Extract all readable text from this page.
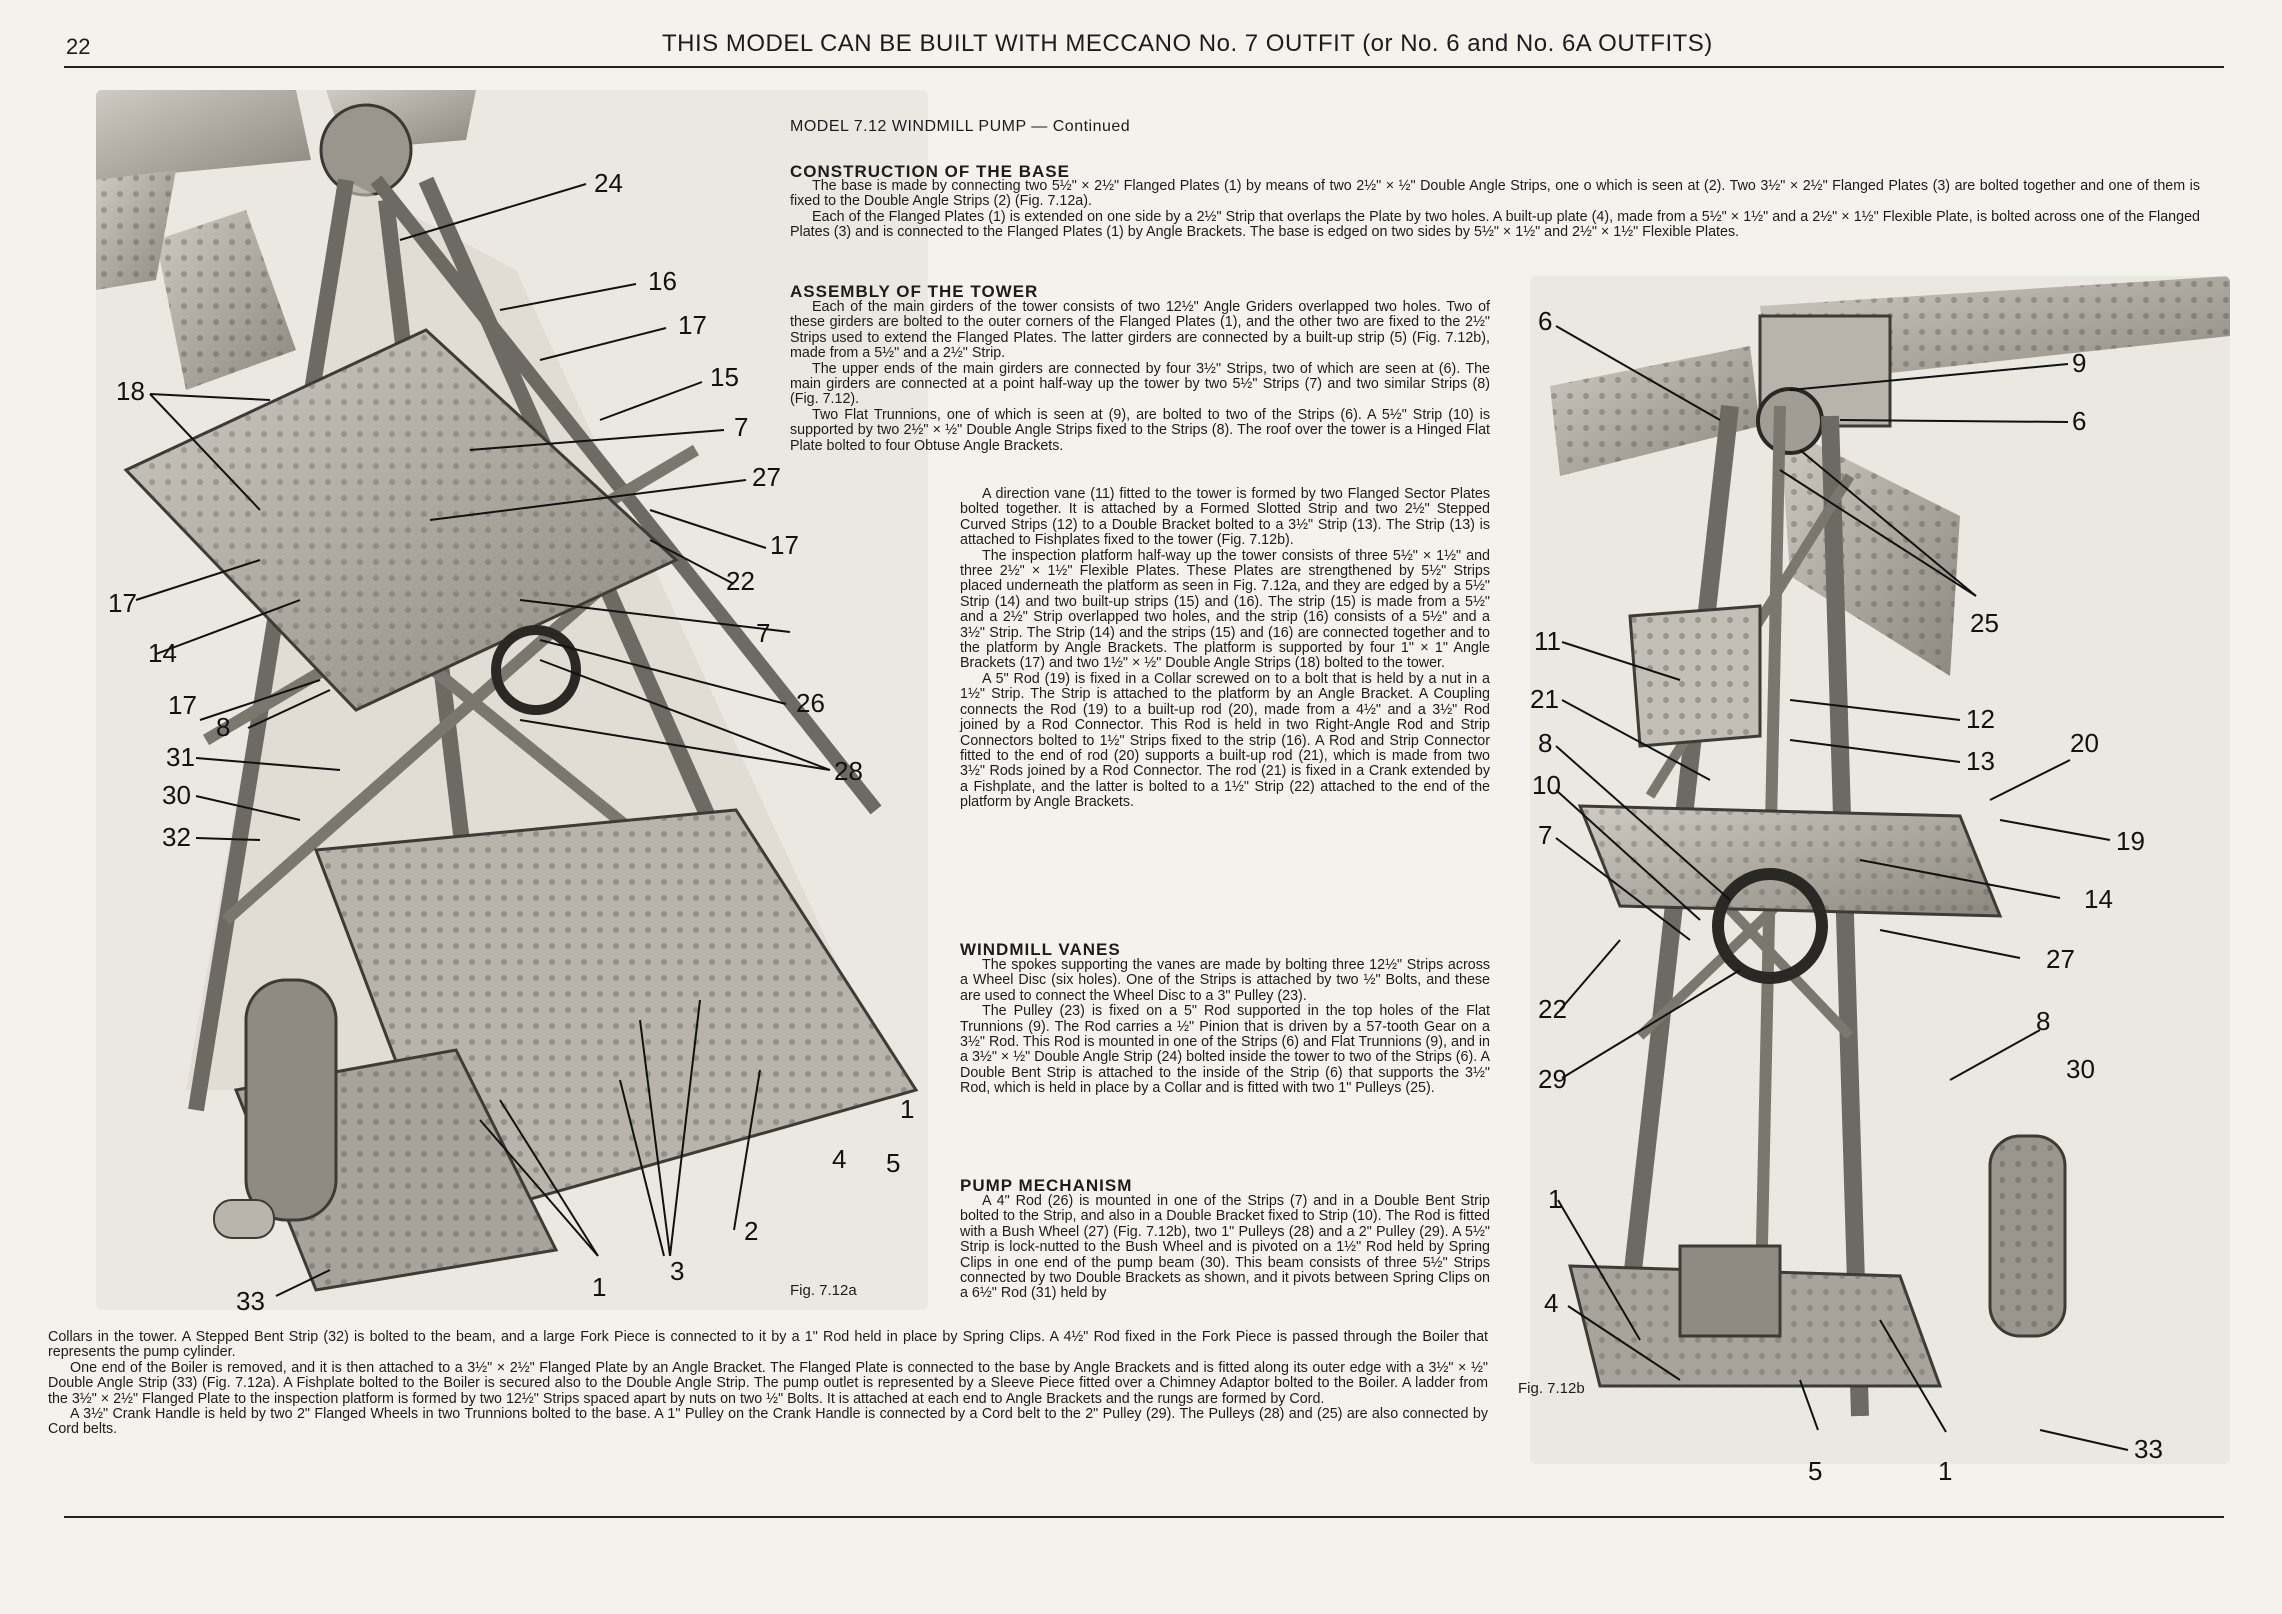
22	THIS MODEL CAN BE BUILT WITH MECCANO No. 7 OUTFIT (or No. 6 and No. 6A OUTFITS)
MODEL 7.12 WINDMILL PUMP — Continued
CONSTRUCTION OF THE BASE

The base is made by connecting two 5½" × 2½" Flanged Plates (1) by means of two 2½" × ½" Double Angle Strips, one o which is seen at (2). Two 3½" × 2½" Flanged Plates (3) are bolted together and one of them is fixed to the Double Angle Strips (2) (Fig. 7.12a).

Each of the Flanged Plates (1) is extended on one side by a 2½" Strip that overlaps the Plate by two holes. A built-up plate (4), made from a 5½" × 1½" and a 2½" × 1½" Flexible Plate, is bolted across one of the Flanged Plates (3) and is connected to the Flanged Plates (1) by Angle Brackets. The base is edged on two sides by 5½" × 1½" and 2½" × 1½" Flexible Plates.

ASSEMBLY OF THE TOWER

Each of the main girders of the tower consists of two 12½" Angle Griders overlapped two holes. Two of these girders are bolted to the outer corners of the Flanged Plates (1), and the other two are fixed to the 2½" Strips used to extend the Flanged Plates. The latter girders are connected by a built-up strip (5) (Fig. 7.12b), made from a 5½" and a 2½" Strip.

The upper ends of the main girders are connected by four 3½" Strips, two of which are seen at (6). The main girders are connected at a point half-way up the tower by two 5½" Strips (7) and two similar Strips (8) (Fig. 7.12).

Two Flat Trunnions, one of which is seen at (9), are bolted to two of the Strips (6). A 5½" Strip (10) is supported by two 2½" × ½" Double Angle Strips fixed to the Strips (8). The roof over the tower is a Hinged Flat Plate bolted to four Obtuse Angle Brackets.

A direction vane (11) fitted to the tower is formed by two Flanged Sector Plates bolted together. It is attached by a Formed Slotted Strip and two 2½" Stepped Curved Strips (12) to a Double Bracket bolted to a 3½" Strip (13). The Strip (13) is attached to Fishplates fixed to the tower (Fig. 7.12b).

The inspection platform half-way up the tower consists of three 5½" × 1½" and three 2½" × 1½" Flexible Plates. These Plates are strengthened by 5½" Strips placed underneath the platform as seen in Fig. 7.12a, and they are edged by a 5½" Strip (14) and two built-up strips (15) and (16). The strip (15) is made from a 5½" and a 2½" Strip overlapped two holes, and the strip (16) consists of a 5½" and a 3½" Strip. The Strip (14) and the strips (15) and (16) are connected together and to the platform by Angle Brackets. The platform is supported by four 1" × 1" Angle Brackets (17) and two 1½" × ½" Double Angle Strips (18) bolted to the tower.

A 5" Rod (19) is fixed in a Collar screwed on to a bolt that is held by a nut in a 1½" Strip. The Strip is attached to the platform by an Angle Bracket. A Coupling connects the Rod (19) to a built-up rod (20), made from a 4½" and a 3½" Rod joined by a Rod Connector. This Rod is held in two Right-Angle Rod and Strip Connectors bolted to 1½" Strips fixed to the strip (16). A Rod and Strip Connector fitted to the end of rod (20) supports a built-up rod (21), which is made from two 3½" Rods joined by a Rod Connector. The rod (21) is fixed in a Crank extended by a Fishplate, and the latter is bolted to a 1½" Strip (22) attached to the end of the platform by Angle Brackets.

WINDMILL VANES

The spokes supporting the vanes are made by bolting three 12½" Strips across a Wheel Disc (six holes). One of the Strips is attached by two ½" Bolts, and these are used to connect the Wheel Disc to a 3" Pulley (23).

The Pulley (23) is fixed on a 5" Rod supported in the top holes of the Flat Trunnions (9). The Rod carries a ½" Pinion that is driven by a 57-tooth Gear on a 3½" Rod. This Rod is mounted in one of the Strips (6) and Flat Trunnions (9), and in a 3½" × ½" Double Angle Strip (24) bolted inside the tower to two of the Strips (6). A Double Bent Strip is attached to the inside of the Strip (6) that supports the 3½" Rod, which is held in place by a Collar and is fitted with two 1" Pulleys (25).

PUMP MECHANISM

A 4" Rod (26) is mounted in one of the Strips (7) and in a Double Bent Strip bolted to the Strip, and also in a Double Bracket fixed to Strip (10). The Rod is fitted with a Bush Wheel (27) (Fig. 7.12b), two 1" Pulleys (28) and a 2" Pulley (29). A 5½" Strip is lock-nutted to the Bush Wheel and is pivoted on a 1½" Rod held by Spring Clips in one end of the pump beam (30). This beam consists of three 5½" Strips connected by two Double Brackets as shown, and it pivots between Spring Clips on a 6½" Rod (31) held by

Collars in the tower. A Stepped Bent Strip (32) is bolted to the beam, and a large Fork Piece is connected to it by a 1" Rod held in place by Spring Clips. A 4½" Rod fixed in the Fork Piece is passed through the Boiler that represents the pump cylinder.

One end of the Boiler is removed, and it is then attached to a 3½" × 2½" Flanged Plate by an Angle Bracket. The Flanged Plate is connected to the base by Angle Brackets and is fitted along its outer edge with a 3½" × ½" Double Angle Strip (33) (Fig. 7.12a). A Fishplate bolted to the Boiler is secured also to the Double Angle Strip. The pump outlet is represented by a Sleeve Piece fitted over a Chimney Adaptor bolted to the Boiler. A ladder from the 3½" × 2½" Flanged Plate to the inspection platform is formed by two 12½" Strips spaced apart by nuts on two ½" Bolts. It is attached at each end to Angle Brackets and the rungs are formed by Cord.

A 3½" Crank Handle is held by two 2" Flanged Wheels in two Trunnions bolted to the base. A 1" Pulley on the Crank Handle is connected by a Cord belt to the 2" Pulley (29). The Pulleys (28) and (25) are also connected by Cord belts.

Fig. 7.12a
Fig. 7.12b
24
16
17
15
18
7
27
17
22
17
14
7
17
8
26
31	28
30
32
1
4 5
2
3
1
33
6
9
6
25
11
21
12
13
20
8
10
19
7
14
27
22	8
29	30
1
4
5	1
33
